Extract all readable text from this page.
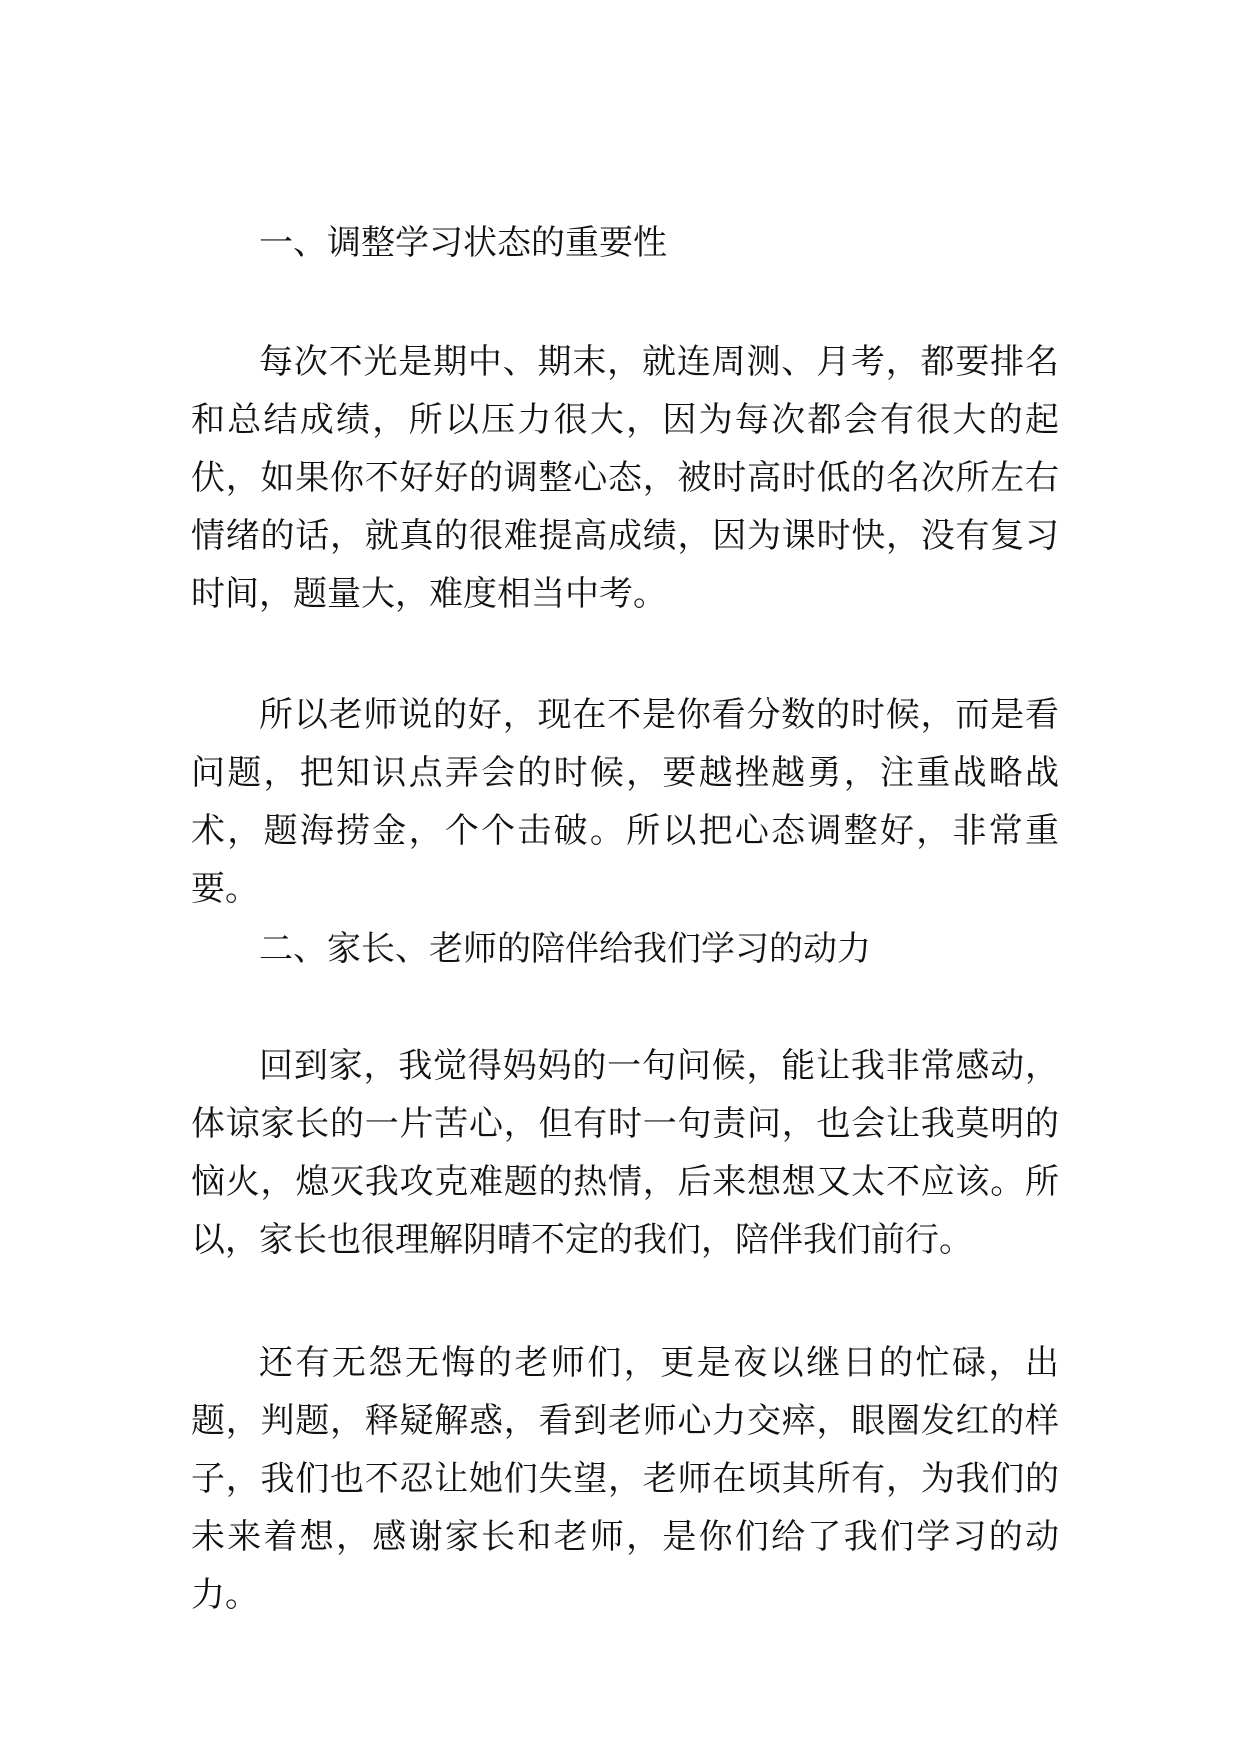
一、调整学习状态的重要性

每次不光是期中、期末，就连周测、月考，都要排名和总结成绩，所以压力很大，因为每次都会有很大的起伏，如果你不好好的调整心态，被时高时低的名次所左右情绪的话，就真的很难提高成绩，因为课时快，没有复习时间，题量大，难度相当中考。

所以老师说的好，现在不是你看分数的时候，而是看问题，把知识点弄会的时候，要越挫越勇，注重战略战术，题海捞金，个个击破。所以把心态调整好，非常重要。

二、家长、老师的陪伴给我们学习的动力

回到家，我觉得妈妈的一句问候，能让我非常感动，体谅家长的一片苦心，但有时一句责问，也会让我莫明的恼火，熄灭我攻克难题的热情，后来想想又太不应该。所以，家长也很理解阴晴不定的我们，陪伴我们前行。

还有无怨无悔的老师们，更是夜以继日的忙碌，出题，判题，释疑解惑，看到老师心力交瘁，眼圈发红的样子，我们也不忍让她们失望，老师在顷其所有，为我们的未来着想，感谢家长和老师，是你们给了我们学习的动力。
